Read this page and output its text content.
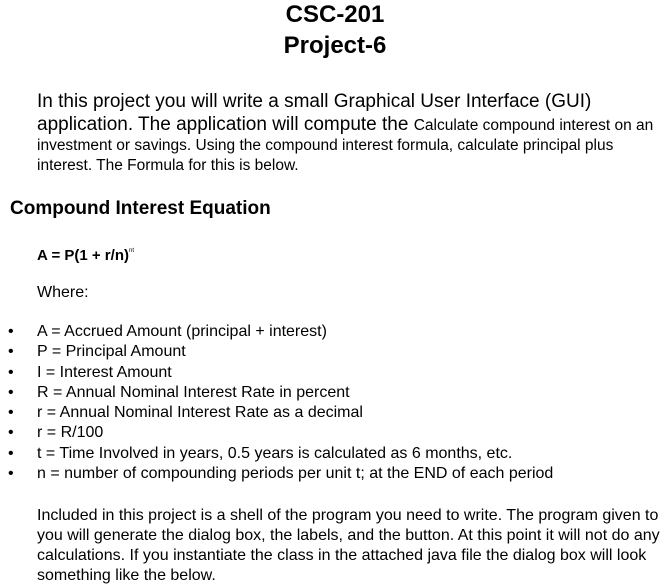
CSC-201
Project-6
In this project you will write a small Graphical User Interface (GUI) application. The application will compute the Calculate compound interest on an investment or savings. Using the compound interest formula, calculate principal plus interest. The Formula for this is below.
Compound Interest Equation
$A = P(1 + r/n)^{nt}$
Where:
• A = Accrued Amount (principal + interest)
• P = Principal Amount
• I = Interest Amount
• R = Annual Nominal Interest Rate in percent
• r = Annual Nominal Interest Rate as a decimal
• r = R/100
• t = Time Involved in years, 0.5 years is calculated as 6 months, etc.
• n = number of compounding periods per unit t; at the END of each period
Included in this project is a shell of the program you need to write. The program given to you will generate the dialog box, the labels, and the button. At this point it will not do any calculations. If you instantiate the class in the attached java file the dialog box will look something like the below.
